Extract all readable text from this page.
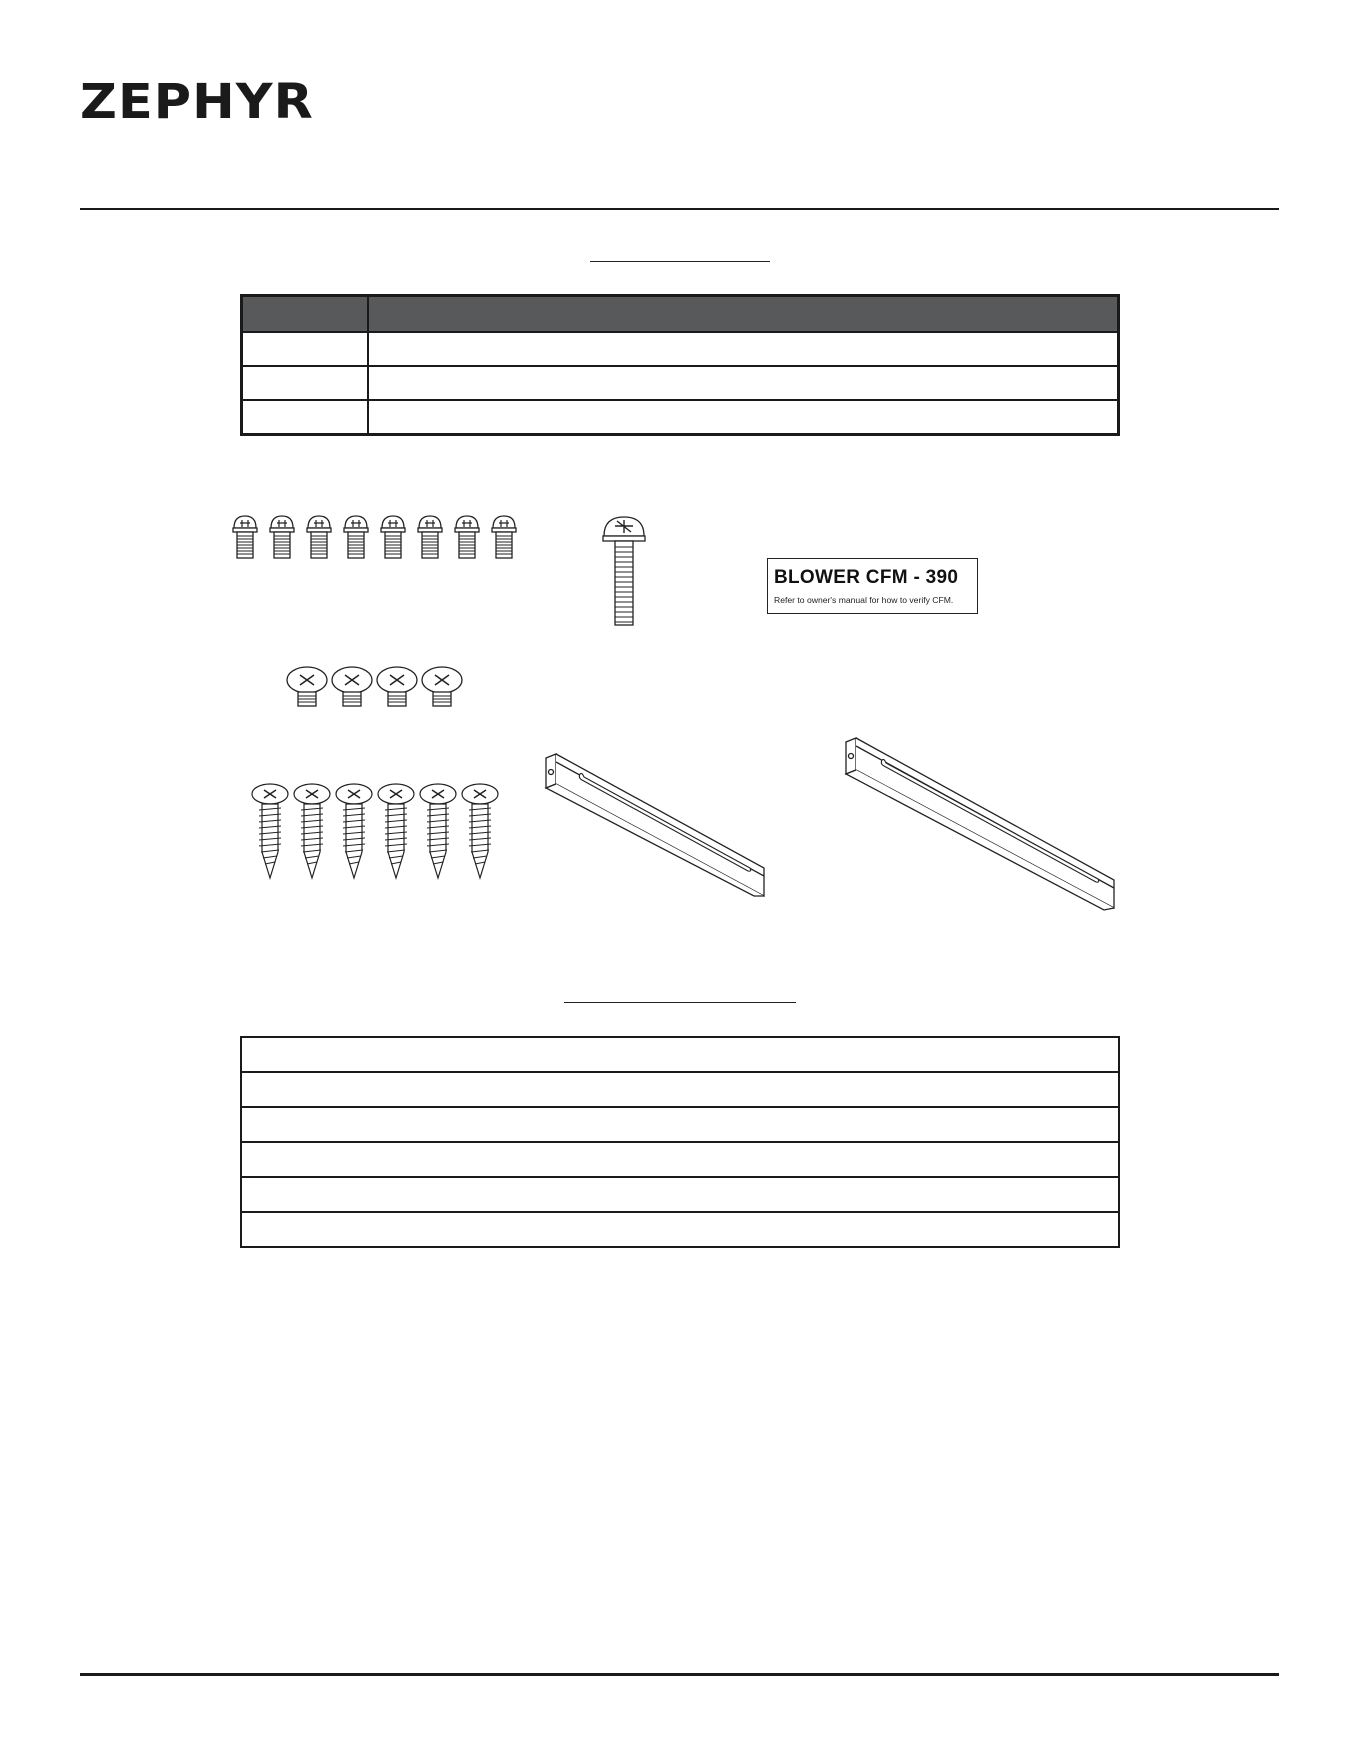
ZEPHYR

BLOWER CFM - 390

Refer to owner's manual for how to verify CFM.
